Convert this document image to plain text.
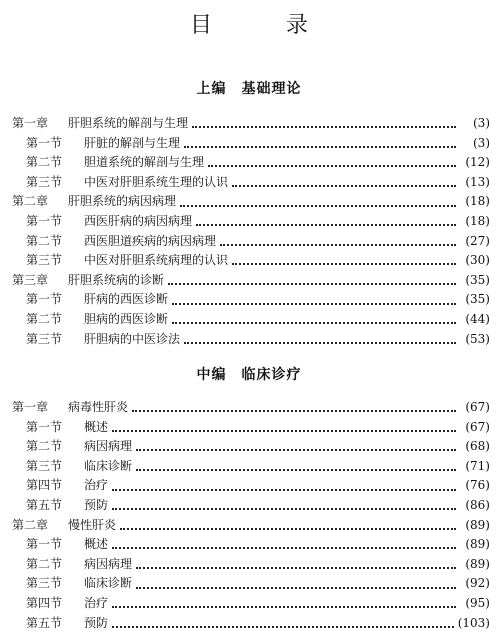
目　录
上编　基础理论
第一章	肝胆系统的解剖与生理	(3)
第一节	肝脏的解剖与生理	(3)
第二节	胆道系统的解剖与生理	(12)
第三节	中医对肝胆系统生理的认识	(13)
第二章	肝胆系统的病因病理	(18)
第一节	西医肝病的病因病理	(18)
第二节	西医胆道疾病的病因病理	(27)
第三节	中医对肝胆系统病理的认识	(30)
第三章	肝胆系统病的诊断	(35)
第一节	肝病的西医诊断	(35)
第二节	胆病的西医诊断	(44)
第三节	肝胆病的中医诊法	(53)
中编　临床诊疗
第一章	病毒性肝炎	(67)
第一节	概述	(67)
第二节	病因病理	(68)
第三节	临床诊断	(71)
第四节	治疗	(76)
第五节	预防	(86)
第二章	慢性肝炎	(89)
第一节	概述	(89)
第二节	病因病理	(89)
第三节	临床诊断	(92)
第四节	治疗	(95)
第五节	预防	(103)
